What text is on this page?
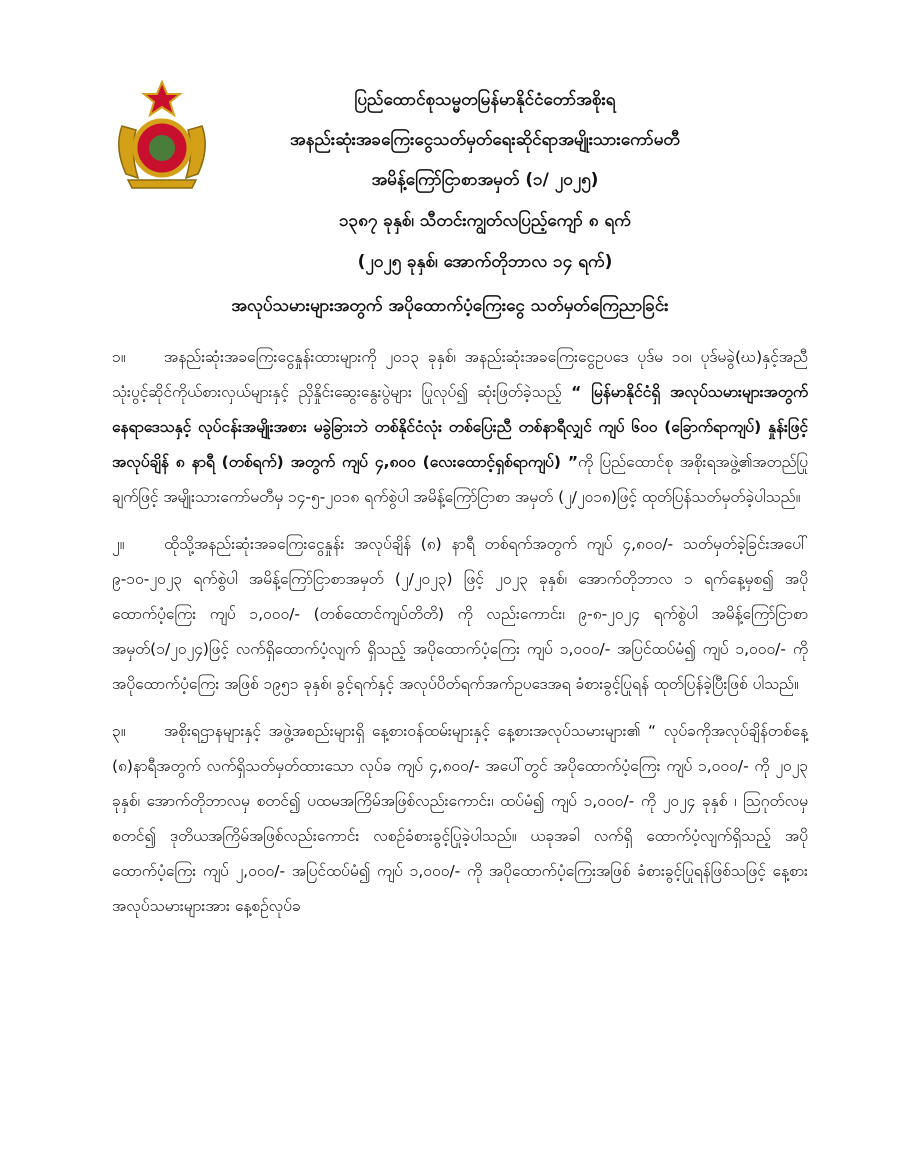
ပြည်ထောင်စုသမ္မတမြန်မာနိုင်ငံတော်အစိုးရ
အနည်းဆုံးအခကြေးငွေသတ်မှတ်ရေးဆိုင်ရာအမျိုးသားကော်မတီ
အမိန့်ကြော်ငြာစာအမှတ် (၁/ ၂၀၂၅)
၁၃၈၇ ခုနှစ်၊ သီတင်းကျွတ်လပြည့်ကျော် ၈ ရက်
(၂၀၂၅ ခုနှစ်၊ အောက်တိုဘာလ ၁၄ ရက်)
အလုပ်သမားများအတွက် အပိုထောက်ပံ့ကြေးငွေ သတ်မှတ်ကြေညာခြင်း

၁။ အနည်းဆုံးအခကြေးငွေနှုန်းထားများကို ၂၀၁၃ ခုနှစ်၊ အနည်းဆုံးအခကြေးငွေဥပဒေ ပုဒ်မ ၁၀၊ ပုဒ်မခွဲ(ဃ)နှင့်အညီ သုံးပွင့်ဆိုင်ကိုယ်စားလှယ်များနှင့် ညှိနှိုင်းဆွေးနွေးပွဲများ ပြုလုပ်၍ ဆုံးဖြတ်ခဲ့သည့် “ မြန်မာနိုင်ငံရှိ အလုပ်သမားများအတွက် နေရာဒေသနှင့် လုပ်ငန်းအမျိုးအစား မခွဲခြားဘဲ တစ်နိုင်ငံလုံး တစ်ပြေးညီ တစ်နာရီလျှင် ကျပ် ၆၀၀ (ခြောက်ရာကျပ်) နှုန်းဖြင့် အလုပ်ချိန် ၈ နာရီ (တစ်ရက်) အတွက် ကျပ် ၄,၈၀၀ (လေးထောင့်ရှစ်ရာကျပ်) ”ကို ပြည်ထောင်စု အစိုးရအဖွဲ့၏အတည်ပြုချက်ဖြင့် အမျိုးသားကော်မတီမှ ၁၄-၅-၂၀၁၈ ရက်စွဲပါ အမိန့်ကြော်ငြာစာ အမှတ် (၂/၂၀၁၈)ဖြင့် ထုတ်ပြန်သတ်မှတ်ခဲ့ပါသည်။

၂။	ထိုသို့အနည်းဆုံးအခကြေးငွေနှုန်း အလုပ်ချိန် (၈) နာရီ တစ်ရက်အတွက် ကျပ် ၄,၈၀၀/- သတ်မှတ်ခဲ့ခြင်းအပေါ် ၉-၁၀-၂၀၂၃ ရက်စွဲပါ အမိန့်ကြော်ငြာစာအမှတ် (၂/၂၀၂၃) ဖြင့် ၂၀၂၃ ခုနှစ်၊ အောက်တိုဘာလ ၁ ရက်နေ့မှစ၍ အပိုထောက်ပံ့ကြေး ကျပ် ၁,၀၀၀/- (တစ်ထောင်ကျပ်တိတိ) ကို လည်းကောင်း၊ ၉-၈-၂၀၂၄ ရက်စွဲပါ အမိန့်ကြော်ငြာစာအမှတ်(၁/၂၀၂၄)ဖြင့် လက်ရှိထောက်ပံ့လျက် ရှိသည့် အပိုထောက်ပံ့ကြေး ကျပ် ၁,၀၀၀/- အပြင်ထပ်မံ၍ ကျပ် ၁,၀၀၀/- ကို အပိုထောက်ပံ့ကြေး အဖြစ် ၁၉၅၁ ခုနှစ်၊ ခွင့်ရက်နှင့် အလုပ်ပိတ်ရက်အက်ဥပဒေအရ ခံစားခွင့်ပြုရန် ထုတ်ပြန်ခဲ့ပြီးဖြစ် ပါသည်။

၃။ အစိုးရဌာနများနှင့် အဖွဲ့အစည်းများရှိ နေ့စားဝန်ထမ်းများနှင့် နေ့စားအလုပ်သမားများ၏ “ လုပ်ခကိုအလုပ်ချိန်တစ်နေ့ (၈)နာရီအတွက် လက်ရှိသတ်မှတ်ထားသော လုပ်ခ ကျပ် ၄,၈၀၀/- အပေါ်တွင် အပိုထောက်ပံ့ကြေး ကျပ် ၁,၀၀၀/- ကို ၂၀၂၃ ခုနှစ်၊ အောက်တိုဘာလမှ စတင်၍ ပထမအကြိမ်အဖြစ်လည်းကောင်း၊ ထပ်မံ၍ ကျပ် ၁,၀၀၀/- ကို ၂၀၂၄ ခုနှစ် ၊ ဩဂုတ်လမှ စတင်၍ ဒုတိယအကြိမ်အဖြစ်လည်းကောင်း လစဉ်ခံစားခွင့်ပြုခဲ့ပါသည်။ ယခုအခါ လက်ရှိ ထောက်ပံ့လျက်ရှိသည့် အပိုထောက်ပံ့ကြေး ကျပ် ၂,၀၀၀/- အပြင်ထပ်မံ၍ ကျပ် ၁,၀၀၀/- ကို အပိုထောက်ပံ့ကြေးအဖြစ် ခံစားခွင့်ပြုရန်ဖြစ်သဖြင့် နေ့စားအလုပ်သမားများအား နေ့စဉ်လုပ်ခ
